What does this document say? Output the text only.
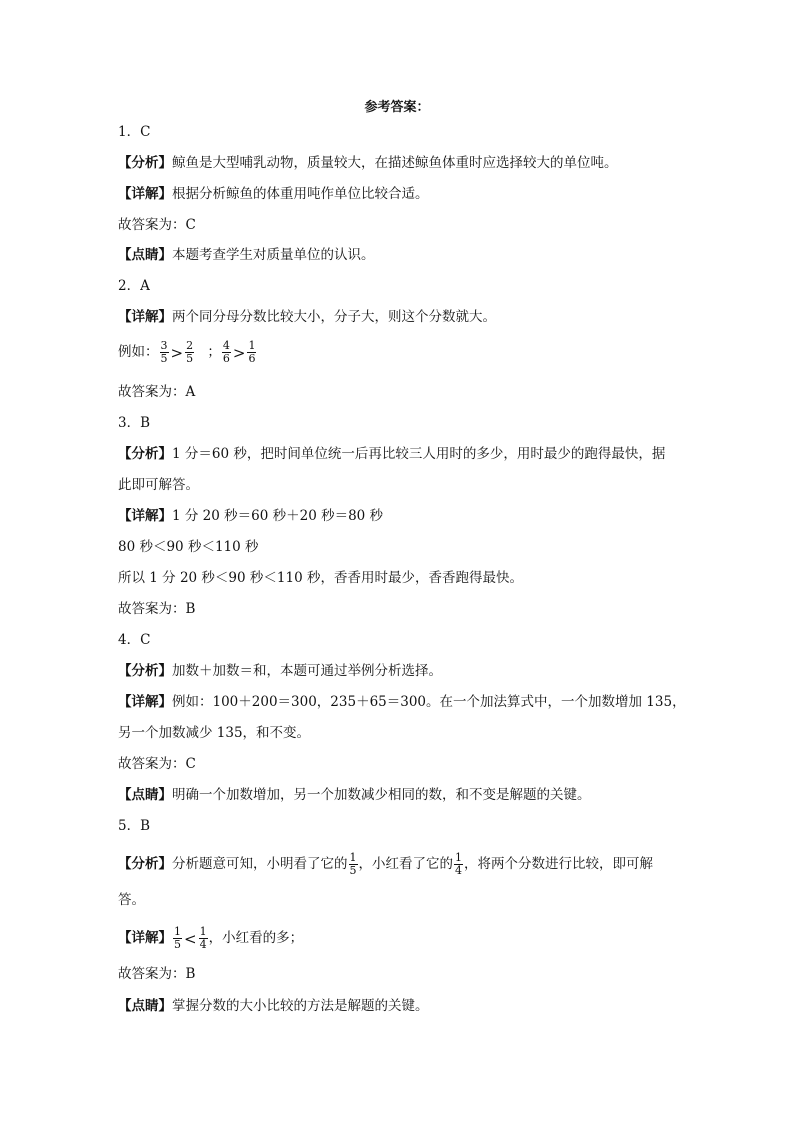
参考答案：
1．C
【分析】鲸鱼是大型哺乳动物，质量较大，在描述鲸鱼体重时应选择较大的单位吨。
【详解】根据分析鲸鱼的体重用吨作单位比较合适。
故答案为：C
【点睛】本题考查学生对质量单位的认识。
2．A
【详解】两个同分母分数比较大小，分子大，则这个分数就大。
例如： $\frac{3}{5} > \frac{2}{5}$ ； $\frac{4}{6} > \frac{1}{6}$
故答案为：A
3．B
【分析】1 分＝60 秒，把时间单位统一后再比较三人用时的多少，用时最少的跑得最快，据
此即可解答。
【详解】1 分 20 秒＝60 秒＋20 秒＝80 秒
80 秒＜90 秒＜110 秒
所以 1 分 20 秒＜90 秒＜110 秒，香香用时最少，香香跑得最快。
故答案为：B
4．C
【分析】加数＋加数＝和，本题可通过举例分析选择。
【详解】例如：100＋200＝300，235＋65＝300。在一个加法算式中，一个加数增加 135，
另一个加数减少 135，和不变。
故答案为：C
【点睛】明确一个加数增加，另一个加数减少相同的数，和不变是解题的关键。
5．B
【分析】分析题意可知，小明看了它的 $\frac{1}{5}$ ，小红看了它的 $\frac{1}{4}$ ，将两个分数进行比较，即可解
答。
【详解】 $\frac{1}{5} < \frac{1}{4}$ ，小红看的多；
故答案为：B
【点睛】掌握分数的大小比较的方法是解题的关键。
